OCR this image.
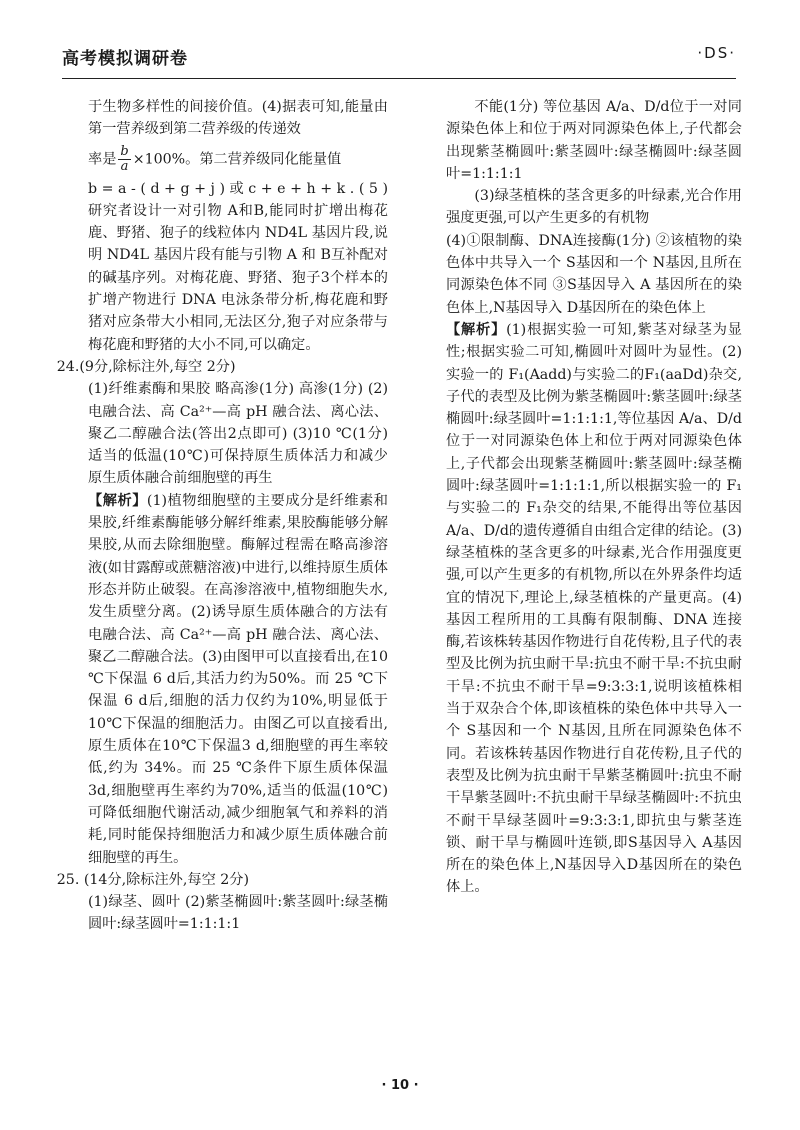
高考模拟调研卷	·DS·

于生物多样性的间接价值。(4)据表可知,能量由第一营养级到第二营养级的传递效

率是 $\frac{b}{a} \times 100\%$。第二营养级同化能量值

b = a - ( d + g + j ) 或 c + e + h + k . ( 5 ) 研究者设计一对引物 A和B,能同时扩增出梅花鹿、野猪、狍子的线粒体内 ND4L 基因片段,说明 ND4L 基因片段有能与引物 A 和 B互补配对的碱基序列。对梅花鹿、野猪、狍子3个样本的扩增产物进行 DNA 电泳条带分析,梅花鹿和野猪对应条带大小相同,无法区分,狍子对应条带与梅花鹿和野猪的大小不同,可以确定。

24.(9分,除标注外,每空 2分)

(1)纤维素酶和果胶 略高渗(1分) 高渗(1分) (2)电融合法、高 Ca²⁺—高 pH 融合法、离心法、聚乙二醇融合法(答出2点即可) (3)10 ℃(1分) 适当的低温(10℃)可保持原生质体活力和减少原生质体融合前细胞壁的再生

【解析】(1)植物细胞壁的主要成分是纤维素和果胶,纤维素酶能够分解纤维素,果胶酶能够分解果胶,从而去除细胞壁。酶解过程需在略高渗溶液(如甘露醇或蔗糖溶液)中进行,以维持原生质体形态并防止破裂。在高渗溶液中,植物细胞失水,发生质壁分离。(2)诱导原生质体融合的方法有电融合法、高 Ca²⁺—高 pH 融合法、离心法、聚乙二醇融合法。(3)由图甲可以直接看出,在10 ℃下保温 6 d后,其活力约为50%。而 25 ℃下保温 6 d后,细胞的活力仅约为10%,明显低于 10℃下保温的细胞活力。由图乙可以直接看出,原生质体在10℃下保温3 d,细胞壁的再生率较低,约为 34%。而 25 ℃条件下原生质体保温3d,细胞壁再生率约为70%,适当的低温(10℃)可降低细胞代谢活动,减少细胞氧气和养料的消耗,同时能保持细胞活力和减少原生质体融合前细胞壁的再生。

25. (14分,除标注外,每空 2分)

(1)绿茎、圆叶 (2)紫茎椭圆叶:紫茎圆叶:绿茎椭圆叶:绿茎圆叶=1:1:1:1

不能(1分) 等位基因 A/a、D/d位于一对同源染色体上和位于两对同源染色体上,子代都会出现紫茎椭圆叶:紫茎圆叶:绿茎椭圆叶:绿茎圆叶=1:1:1:1

(3)绿茎植株的茎含更多的叶绿素,光合作用强度更强,可以产生更多的有机物

(4)①限制酶、DNA连接酶(1分) ②该植物的染色体中共导入一个 S基因和一个 N基因,且所在同源染色体不同 ③S基因导入 A 基因所在的染色体上,N基因导入 D基因所在的染色体上

【解析】(1)根据实验一可知,紫茎对绿茎为显性;根据实验二可知,椭圆叶对圆叶为显性。(2)实验一的 F₁(Aadd)与实验二的F₁(aaDd)杂交,子代的表型及比例为紫茎椭圆叶:紫茎圆叶:绿茎椭圆叶:绿茎圆叶=1:1:1:1,等位基因 A/a、D/d位于一对同源染色体上和位于两对同源染色体上,子代都会出现紫茎椭圆叶:紫茎圆叶:绿茎椭圆叶:绿茎圆叶=1:1:1:1,所以根据实验一的 F₁与实验二的 F₁杂交的结果,不能得出等位基因 A/a、D/d的遗传遵循自由组合定律的结论。(3)绿茎植株的茎含更多的叶绿素,光合作用强度更强,可以产生更多的有机物,所以在外界条件均适宜的情况下,理论上,绿茎植株的产量更高。(4)基因工程所用的工具酶有限制酶、DNA 连接酶,若该株转基因作物进行自花传粉,且子代的表型及比例为抗虫耐干旱:抗虫不耐干旱:不抗虫耐干旱:不抗虫不耐干旱=9:3:3:1,说明该植株相当于双杂合个体,即该植株的染色体中共导入一个 S基因和一个 N基因,且所在同源染色体不同。若该株转基因作物进行自花传粉,且子代的表型及比例为抗虫耐干旱紫茎椭圆叶:抗虫不耐干旱紫茎圆叶:不抗虫耐干旱绿茎椭圆叶:不抗虫不耐干旱绿茎圆叶=9:3:3:1,即抗虫与紫茎连锁、耐干旱与椭圆叶连锁,即S基因导入 A基因所在的染色体上,N基因导入D基因所在的染色体上。

· 10 ·
